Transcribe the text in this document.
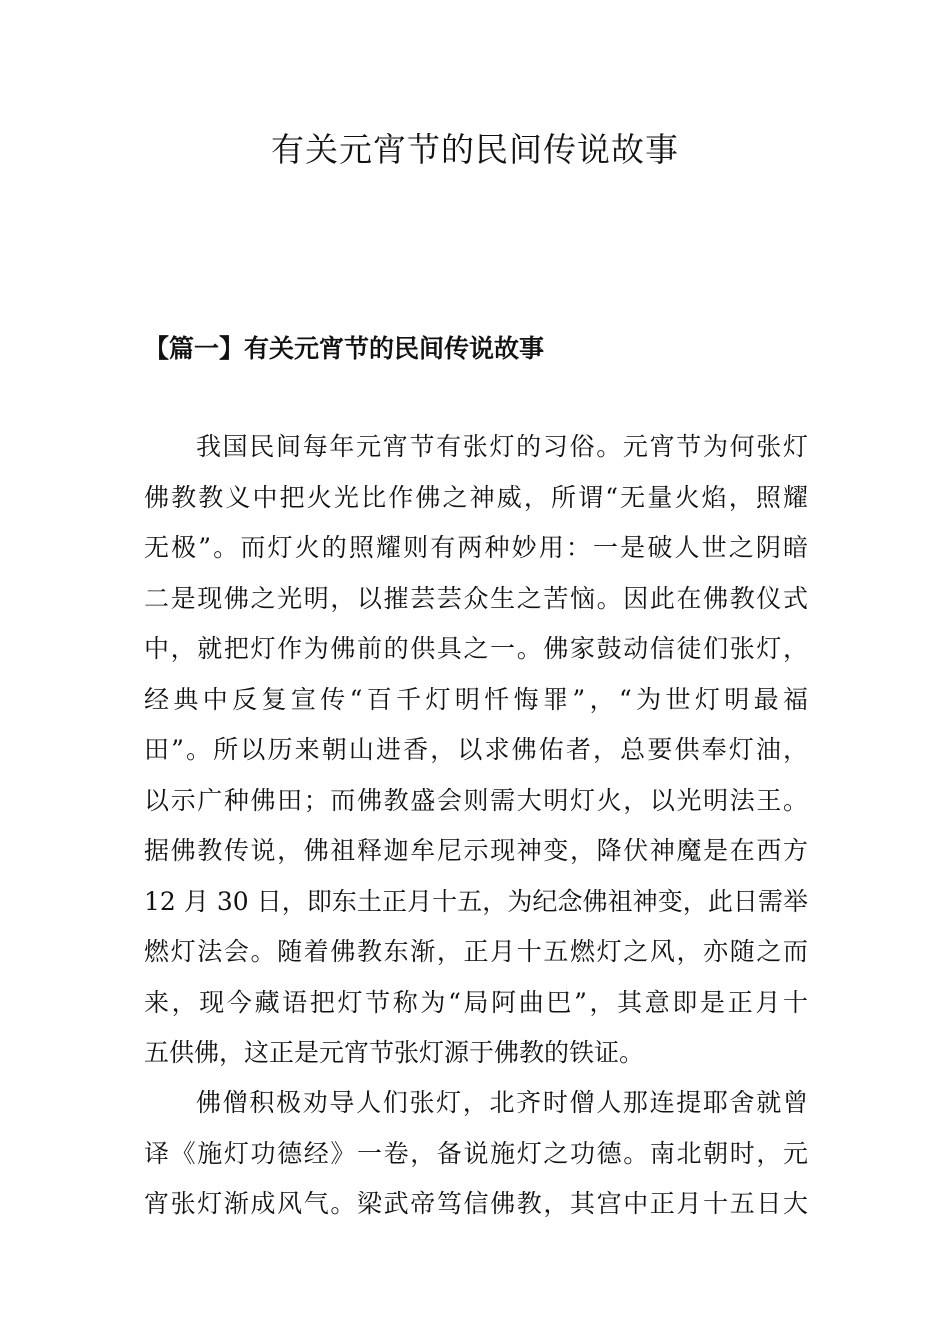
有关元宵节的民间传说故事
【篇一】有关元宵节的民间传说故事
我国民间每年元宵节有张灯的习俗。元宵节为何张灯
佛教教义中把火光比作佛之神威，所谓“无量火焰，照耀
无极”。而灯火的照耀则有两种妙用：一是破人世之阴暗
二是现佛之光明，以摧芸芸众生之苦恼。因此在佛教仪式
中，就把灯作为佛前的供具之一。佛家鼓动信徒们张灯，
经典中反复宣传“百千灯明忏悔罪”，“为世灯明最福
田”。所以历来朝山进香，以求佛佑者，总要供奉灯油，
以示广种佛田；而佛教盛会则需大明灯火，以光明法王。
据佛教传说，佛祖释迦牟尼示现神变，降伏神魔是在西方
12 月 30 日，即东土正月十五，为纪念佛祖神变，此日需举
燃灯法会。随着佛教东渐，正月十五燃灯之风，亦随之而
来，现今藏语把灯节称为“局阿曲巴”，其意即是正月十
五供佛，这正是元宵节张灯源于佛教的铁证。
佛僧积极劝导人们张灯，北齐时僧人那连提耶舍就曾
译《施灯功德经》一卷，备说施灯之功德。南北朝时，元
宵张灯渐成风气。梁武帝笃信佛教，其宫中正月十五日大
